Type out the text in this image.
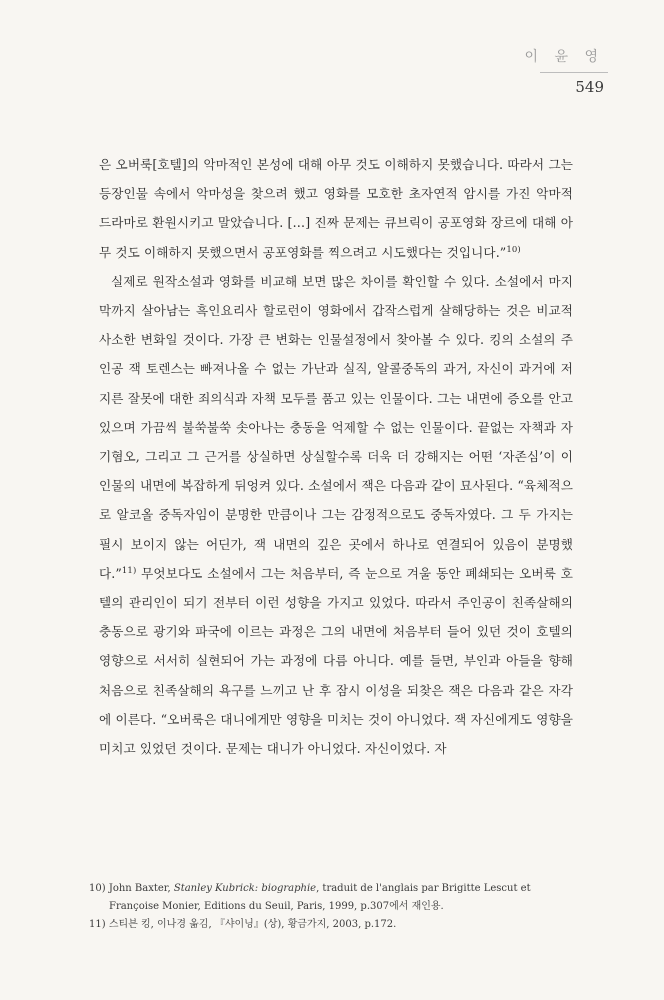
이 윤 영
549

은 오버룩[호텔]의 악마적인 본성에 대해 아무 것도 이해하지 못했습니다. 따라서 그는 등장인물 속에서 악마성을 찾으려 했고 영화를 모호한 초자연적 암시를 가진 악마적 드라마로 환원시키고 말았습니다. […] 진짜 문제는 큐브릭이 공포영화 장르에 대해 아무 것도 이해하지 못했으면서 공포영화를 찍으려고 시도했다는 것입니다.”$^{10)}$

실제로 원작소설과 영화를 비교해 보면 많은 차이를 확인할 수 있다. 소설에서 마지막까지 살아남는 흑인요리사 할로런이 영화에서 갑작스럽게 살해당하는 것은 비교적 사소한 변화일 것이다. 가장 큰 변화는 인물설정에서 찾아볼 수 있다. 킹의 소설의 주인공 잭 토렌스는 빠져나올 수 없는 가난과 실직, 알콜중독의 과거, 자신이 과거에 저지른 잘못에 대한 죄의식과 자책 모두를 품고 있는 인물이다. 그는 내면에 증오를 안고 있으며 가끔씩 불쑥불쑥 솟아나는 충동을 억제할 수 없는 인물이다. 끝없는 자책과 자기혐오, 그리고 그 근거를 상실하면 상실할수록 더욱 더 강해지는 어떤 ‘자존심’이 이 인물의 내면에 복잡하게 뒤엉켜 있다. 소설에서 잭은 다음과 같이 묘사된다. “육체적으로 알코올 중독자임이 분명한 만큼이나 그는 감정적으로도 중독자였다. 그 두 가지는 필시 보이지 않는 어딘가, 잭 내면의 깊은 곳에서 하나로 연결되어 있음이 분명했다.”$^{11)}$ 무엇보다도 소설에서 그는 처음부터, 즉 눈으로 겨울 동안 폐쇄되는 오버룩 호텔의 관리인이 되기 전부터 이런 성향을 가지고 있었다. 따라서 주인공이 친족살해의 충동으로 광기와 파국에 이르는 과정은 그의 내면에 처음부터 들어 있던 것이 호텔의 영향으로 서서히 실현되어 가는 과정에 다름 아니다. 예를 들면, 부인과 아들을 향해 처음으로 친족살해의 욕구를 느끼고 난 후 잠시 이성을 되찾은 잭은 다음과 같은 자각에 이른다. “오버룩은 대니에게만 영향을 미치는 것이 아니었다. 잭 자신에게도 영향을 미치고 있었던 것이다. 문제는 대니가 아니었다. 자신이었다. 자

10) John Baxter, Stanley Kubrick: biographie, traduit de l'anglais par Brigitte Lescut et Françoise Monier, Editions du Seuil, Paris, 1999, p.307에서 재인용.

11) 스티븐 킹, 이나경 옮김, 『샤이닝』(상), 황금가지, 2003, p.172.
